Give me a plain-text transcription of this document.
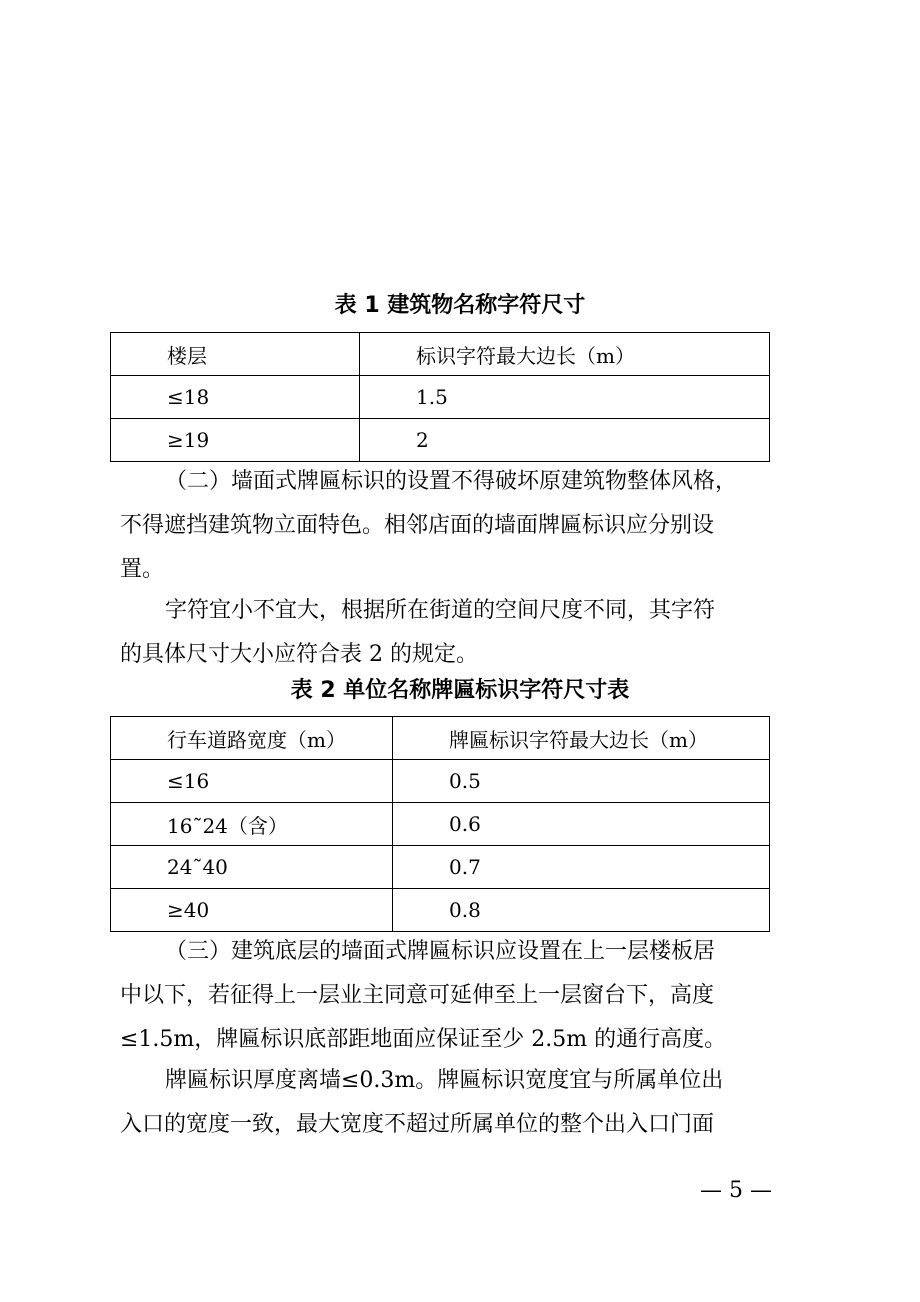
表 1 建筑物名称字符尺寸
楼层	标识字符最大边长（m）
≤18	1.5
≥19	2
（二）墙面式牌匾标识的设置不得破坏原建筑物整体风格，
不得遮挡建筑物立面特色。相邻店面的墙面牌匾标识应分别设
置。
字符宜小不宜大，根据所在街道的空间尺度不同，其字符
的具体尺寸大小应符合表 2 的规定。
表 2 单位名称牌匾标识字符尺寸表
行车道路宽度（m）	牌匾标识字符最大边长（m）
≤16	0.5
16˜24（含）	0.6
24˜40	0.7
≥40	0.8
（三）建筑底层的墙面式牌匾标识应设置在上一层楼板居
中以下，若征得上一层业主同意可延伸至上一层窗台下，高度
≤1.5m，牌匾标识底部距地面应保证至少 2.5m 的通行高度。
牌匾标识厚度离墙≤0.3m。牌匾标识宽度宜与所属单位出
入口的宽度一致，最大宽度不超过所属单位的整个出入口门面
— 5 —
